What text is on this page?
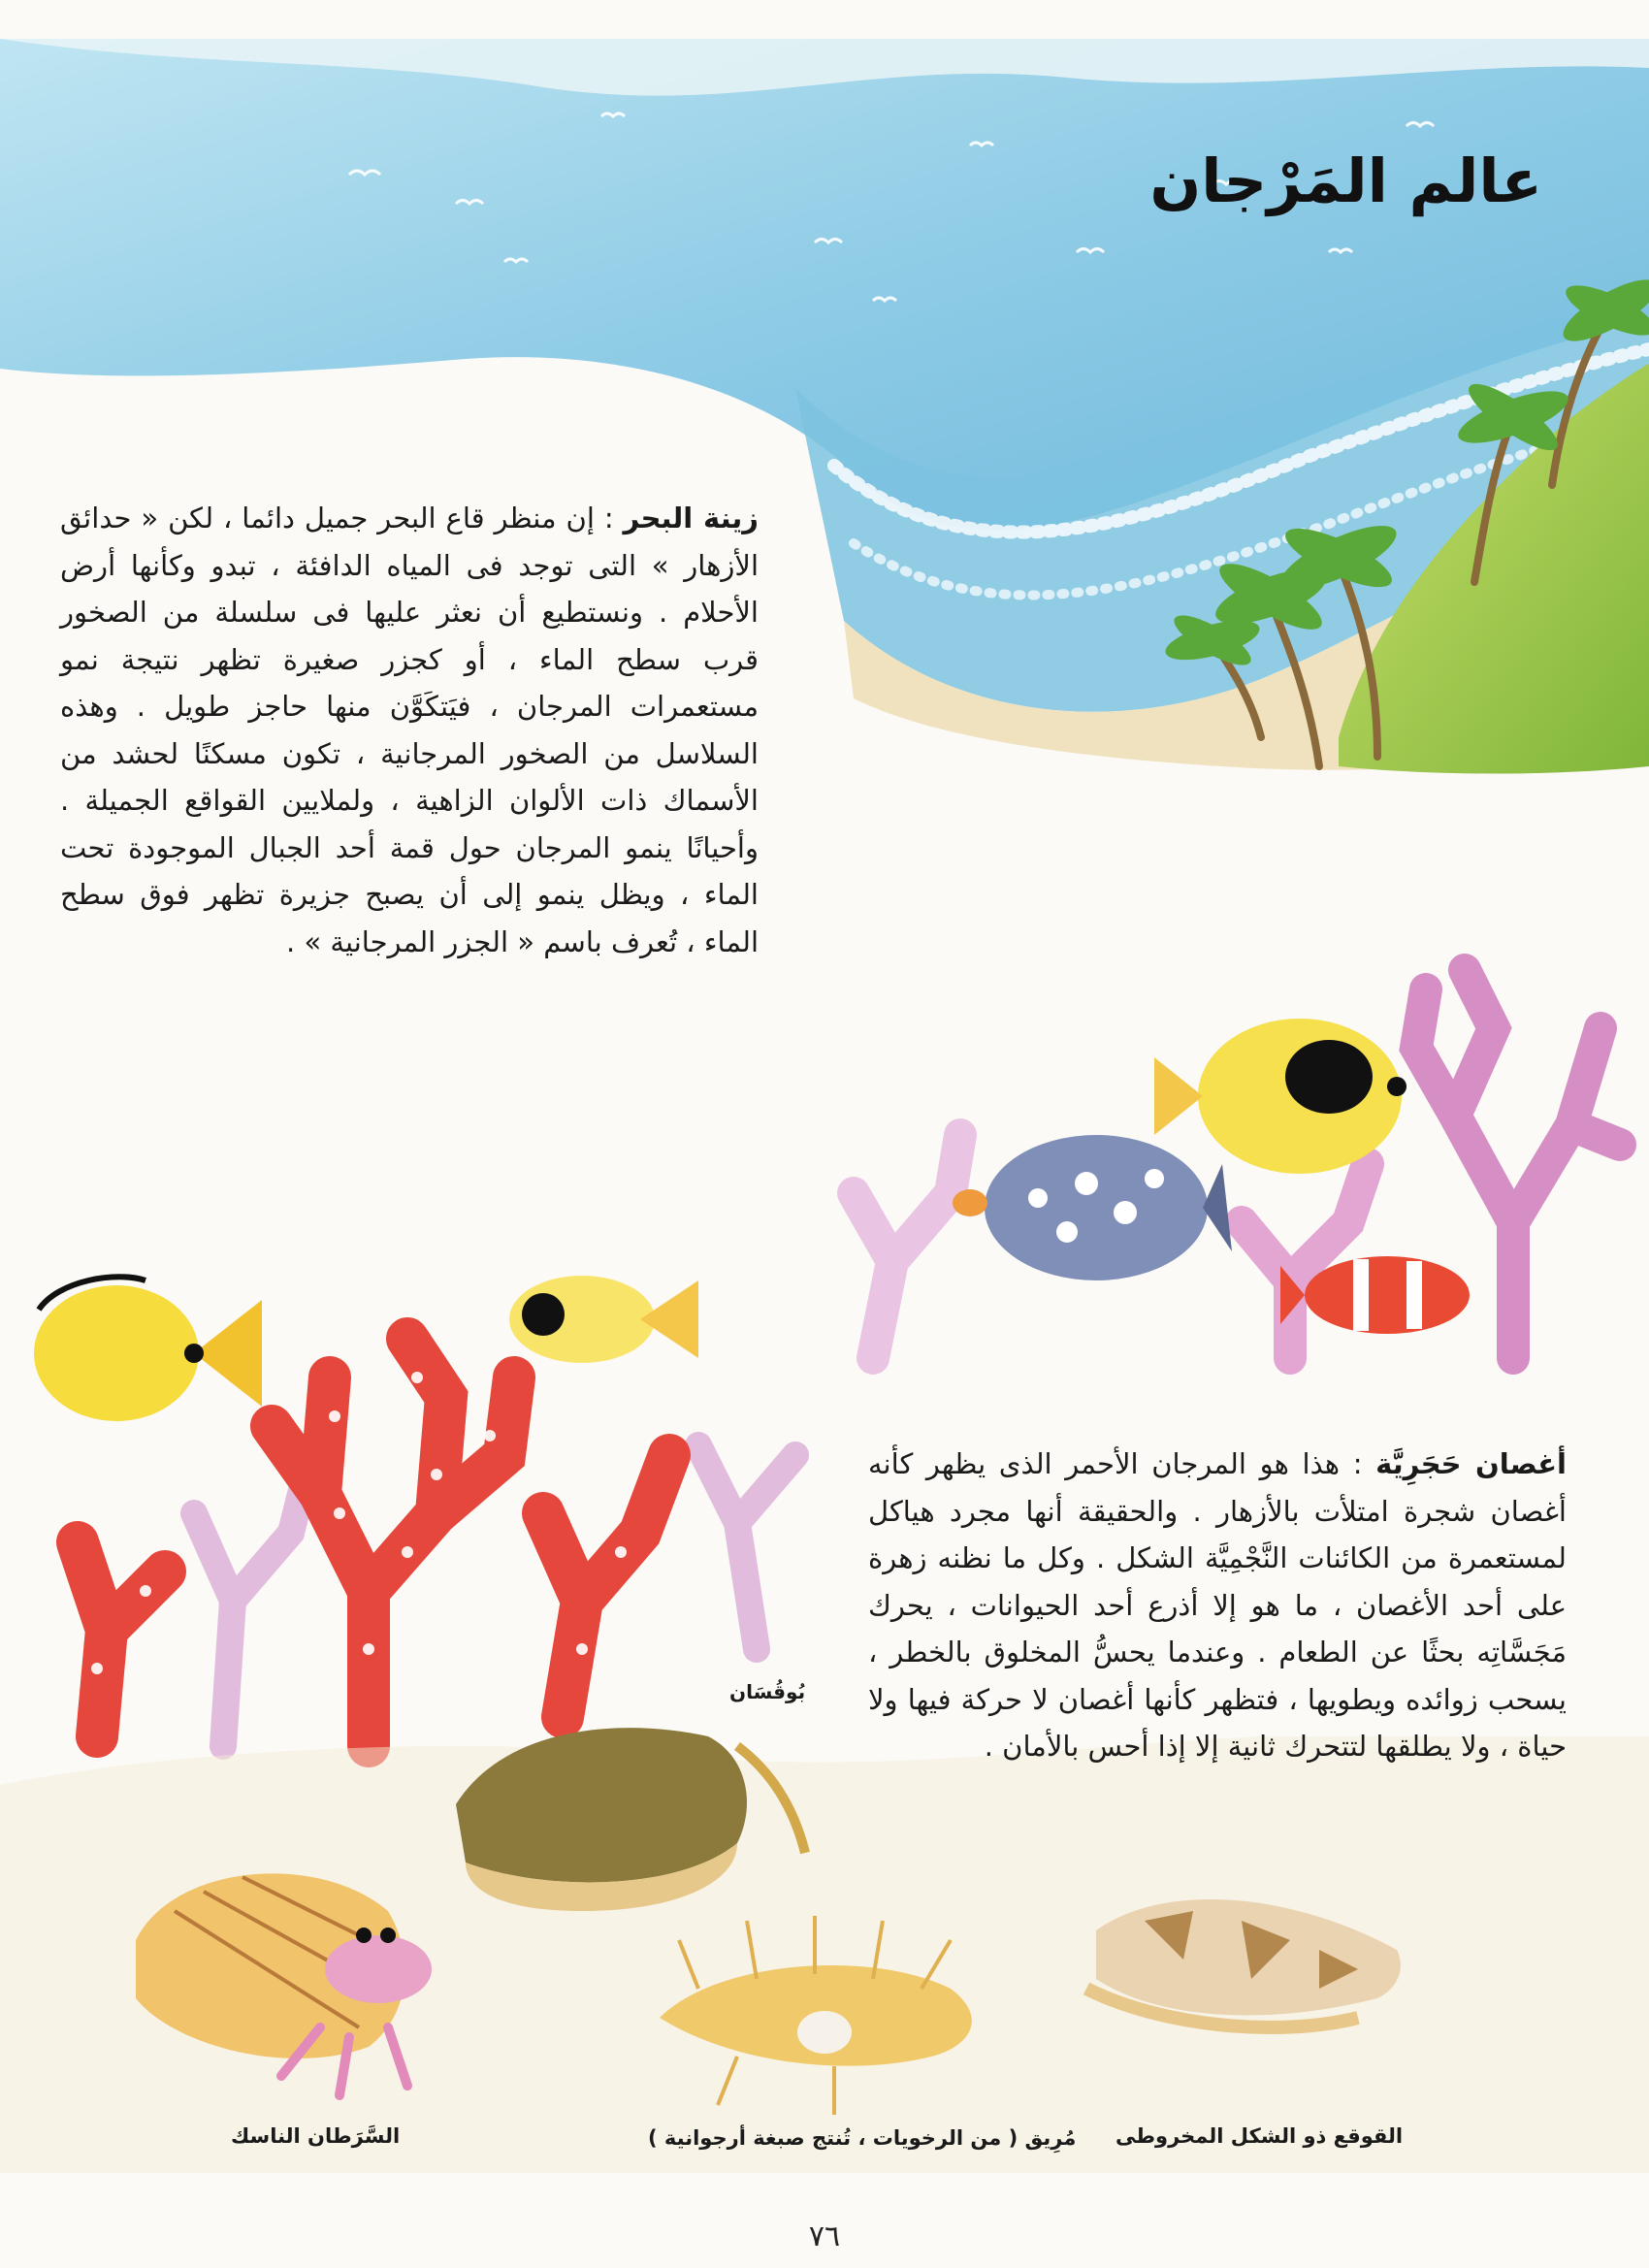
عالم المَرْجان
زينة البحر : إن منظر قاع البحر جميل دائما ، لكن « حدائق الأزهار » التى توجد فى المياه الدافئة ، تبدو وكأنها أرض الأحلام . ونستطيع أن نعثر عليها فى سلسلة من الصخور قرب سطح الماء ، أو كجزر صغيرة تظهر نتيجة نمو مستعمرات المرجان ، فيَتكَوَّن منها حاجز طويل . وهذه السلاسل من الصخور المرجانية ، تكون مسكنًا لحشد من الأسماك ذات الألوان الزاهية ، ولملايين القواقع الجميلة . وأحيانًا ينمو المرجان حول قمة أحد الجبال الموجودة تحت الماء ، ويظل ينمو إلى أن يصبح جزيرة تظهر فوق سطح الماء ، تُعرف باسم « الجزر المرجانية » .
أغصان حَجَرِيَّة : هذا هو المرجان الأحمر الذى يظهر كأنه أغصان شجرة امتلأت بالأزهار . والحقيقة أنها مجرد هياكل لمستعمرة من الكائنات النَّجْمِيَّة الشكل . وكل ما نظنه زهرة على أحد الأغصان ، ما هو إلا أذرع أحد الحيوانات ، يحرك مَجَسَّاتِه بحثًا عن الطعام . وعندما يحسُّ المخلوق بالخطر ، يسحب زوائده ويطويها ، فتظهر كأنها أغصان لا حركة فيها ولا حياة ، ولا يطلقها لتتحرك ثانية إلا إذا أحس بالأمان .
بُوقُسَان
السَّرَطان الناسك	مُرِيق ( من الرخويات ، تُنتج صبغة أرجوانية ) القوقع ذو الشكل المخروطى
٧٦
